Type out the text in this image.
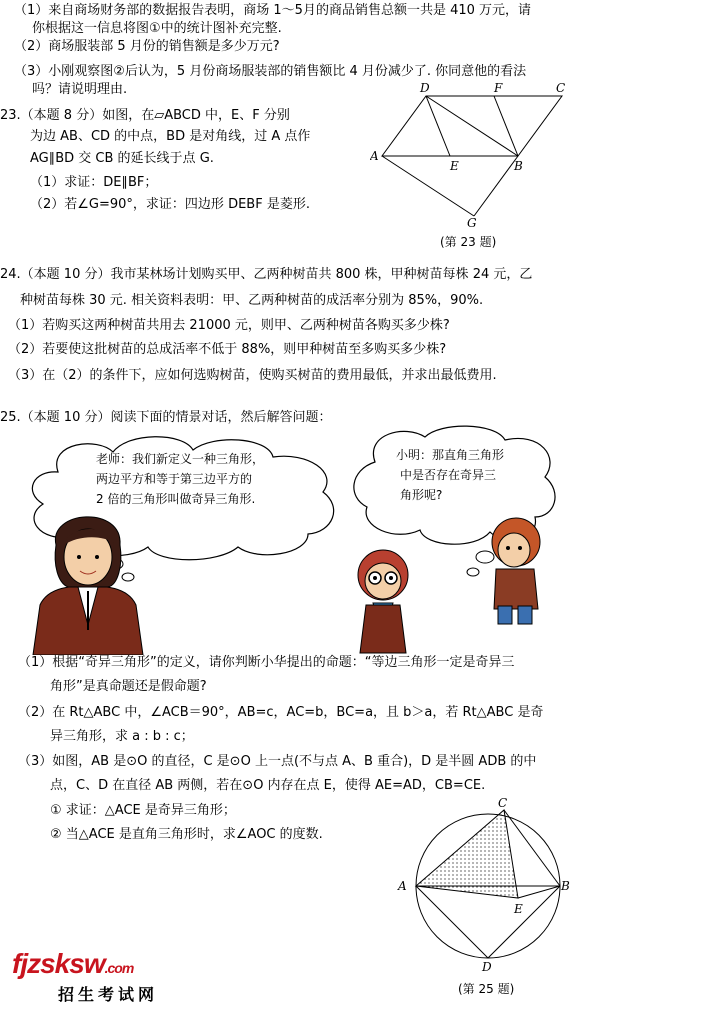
（1）来自商场财务部的数据报告表明，商场 1～5月的商品销售总额一共是 410 万元，请
你根据这一信息将图①中的统计图补充完整.
（2）商场服装部 5 月份的销售额是多少万元?
（3）小刚观察图②后认为，5 月份商场服装部的销售额比 4 月份减少了. 你同意他的看法
吗？请说明理由.
23.（本题 8 分）如图，在▱ABCD 中，E、F 分别
为边 AB、CD 的中点，BD 是对角线，过 A 点作
AG∥BD 交 CB 的延长线于点 G.
（1）求证：DE∥BF；
（2）若∠G=90°，求证：四边形 DEBF 是菱形.
D	F	C
A
E	B
G
(第 23 题)
24.（本题 10 分）我市某林场计划购买甲、乙两种树苗共 800 株，甲种树苗每株 24 元，乙
种树苗每株 30 元. 相关资料表明：甲、乙两种树苗的成活率分别为 85%，90%.
（1）若购买这两种树苗共用去 21000 元，则甲、乙两种树苗各购买多少株?
（2）若要使这批树苗的总成活率不低于 88%，则甲种树苗至多购买多少株?
（3）在（2）的条件下，应如何选购树苗，使购买树苗的费用最低，并求出最低费用.
25.（本题 10 分）阅读下面的情景对话，然后解答问题：
老师：我们新定义一种三角形，
两边平方和等于第三边平方的
2 倍的三角形叫做奇异三角形.
小明：那直角三角形
中是否存在奇异三
角形呢?
（1）根据“奇异三角形”的定义，请你判断小华提出的命题：“等边三角形一定是奇异三
角形”是真命题还是假命题?
（2）在 Rt△ABC 中，∠ACB＝90°，AB=c，AC=b，BC=a，且 b＞a，若 Rt△ABC 是奇
异三角形，求 a : b : c；
（3）如图，AB 是⊙O 的直径，C 是⊙O 上一点(不与点 A、B 重合)，D 是半圆 ADB 的中
点，C、D 在直径 AB 两侧，若在⊙O 内存在点 E，使得 AE=AD，CB=CE.
① 求证：△ACE 是奇异三角形；
② 当△ACE 是直角三角形时，求∠AOC 的度数.
C
A	B
E
D
(第 25 题)
fjzsksw.com
招生考试网
